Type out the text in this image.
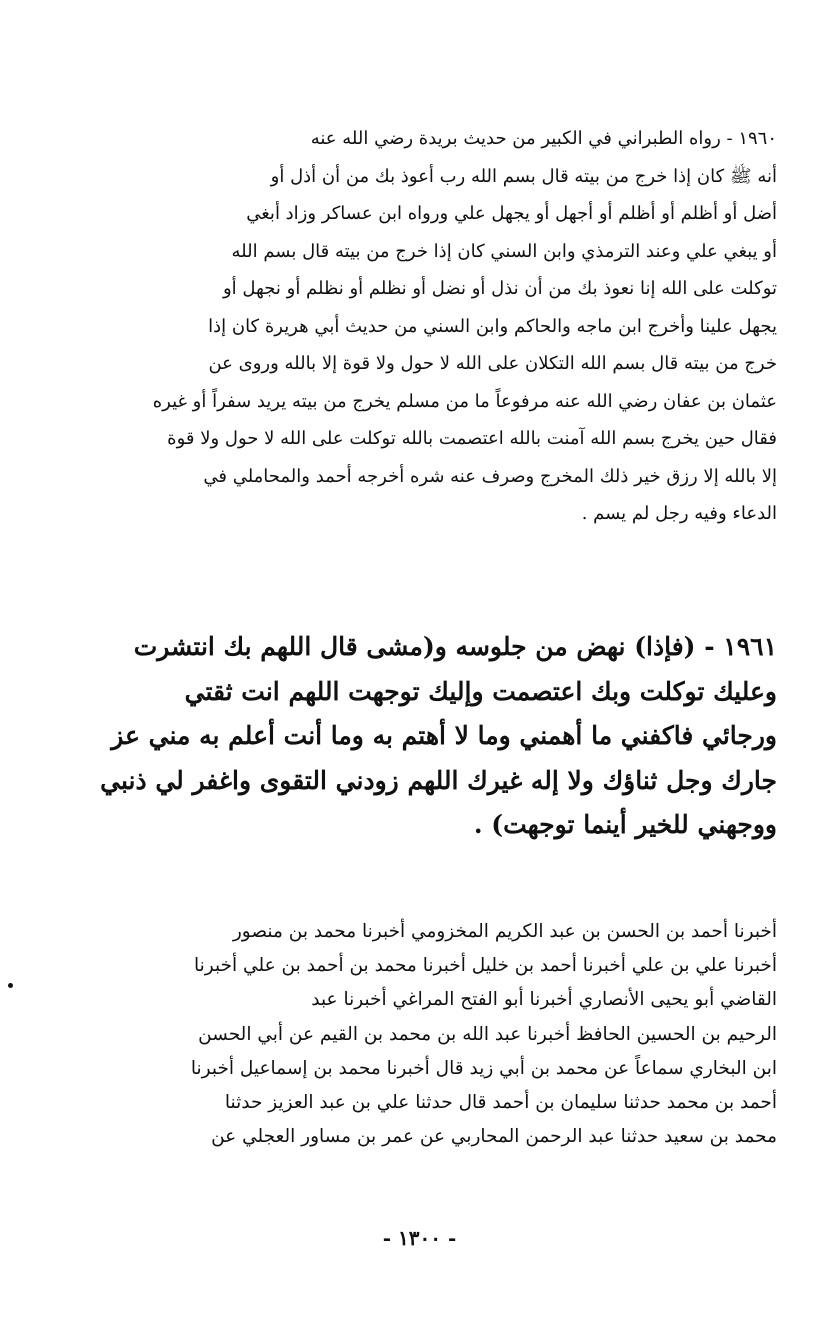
١٩٦٠ - رواه الطبراني في الكبير من حديث بريدة رضي الله عنه
أنه ﷺ كان إذا خرج من بيته قال بسم الله رب أعوذ بك من أن أذل أو
أضل أو أظلم أو أظلم أو أجهل أو يجهل علي ورواه ابن عساكر وزاد أبغي
أو يبغي علي وعند الترمذي وابن السني كان إذا خرج من بيته قال بسم الله
توكلت على الله إنا نعوذ بك من أن نذل أو نضل أو نظلم أو نظلم أو نجهل أو
يجهل علينا وأخرج ابن ماجه والحاكم وابن السني من حديث أبي هريرة كان إذا
خرج من بيته قال بسم الله التكلان على الله لا حول ولا قوة إلا بالله وروى عن
عثمان بن عفان رضي الله عنه مرفوعاً ما من مسلم يخرج من بيته يريد سفراً أو غيره
فقال حين يخرج بسم الله آمنت بالله اعتصمت بالله توكلت على الله لا حول ولا قوة
إلا بالله إلا رزق خير ذلك المخرج وصرف عنه شره أخرجه أحمد والمحاملي في
الدعاء وفيه رجل لم يسم .
١٩٦١ - (فإذا) نهض من جلوسه و(مشى قال اللهم بك انتشرت
وعليك توكلت وبك اعتصمت وإليك توجهت اللهم انت ثقتي
ورجائي فاكفني ما أهمني وما لا أهتم به وما أنت أعلم به مني عز
جارك وجل ثناؤك ولا إله غيرك اللهم زودني التقوى واغفر لي ذنبي
ووجهني للخير أينما توجهت) .
أخبرنا أحمد بن الحسن بن عبد الكريم المخزومي أخبرنا محمد بن منصور
أخبرنا علي بن علي أخبرنا أحمد بن خليل أخبرنا محمد بن أحمد بن علي أخبرنا
القاضي أبو يحيى الأنصاري أخبرنا أبو الفتح المراغي أخبرنا عبد
الرحيم بن الحسين الحافظ أخبرنا عبد الله بن محمد بن القيم عن أبي الحسن
ابن البخاري سماعاً عن محمد بن أبي زيد قال أخبرنا محمد بن إسماعيل أخبرنا
أحمد بن محمد حدثنا سليمان بن أحمد قال حدثنا علي بن عبد العزيز حدثنا
محمد بن سعيد حدثنا عبد الرحمن المحاربي عن عمر بن مساور العجلي عن
- ١٣٠٠ -
